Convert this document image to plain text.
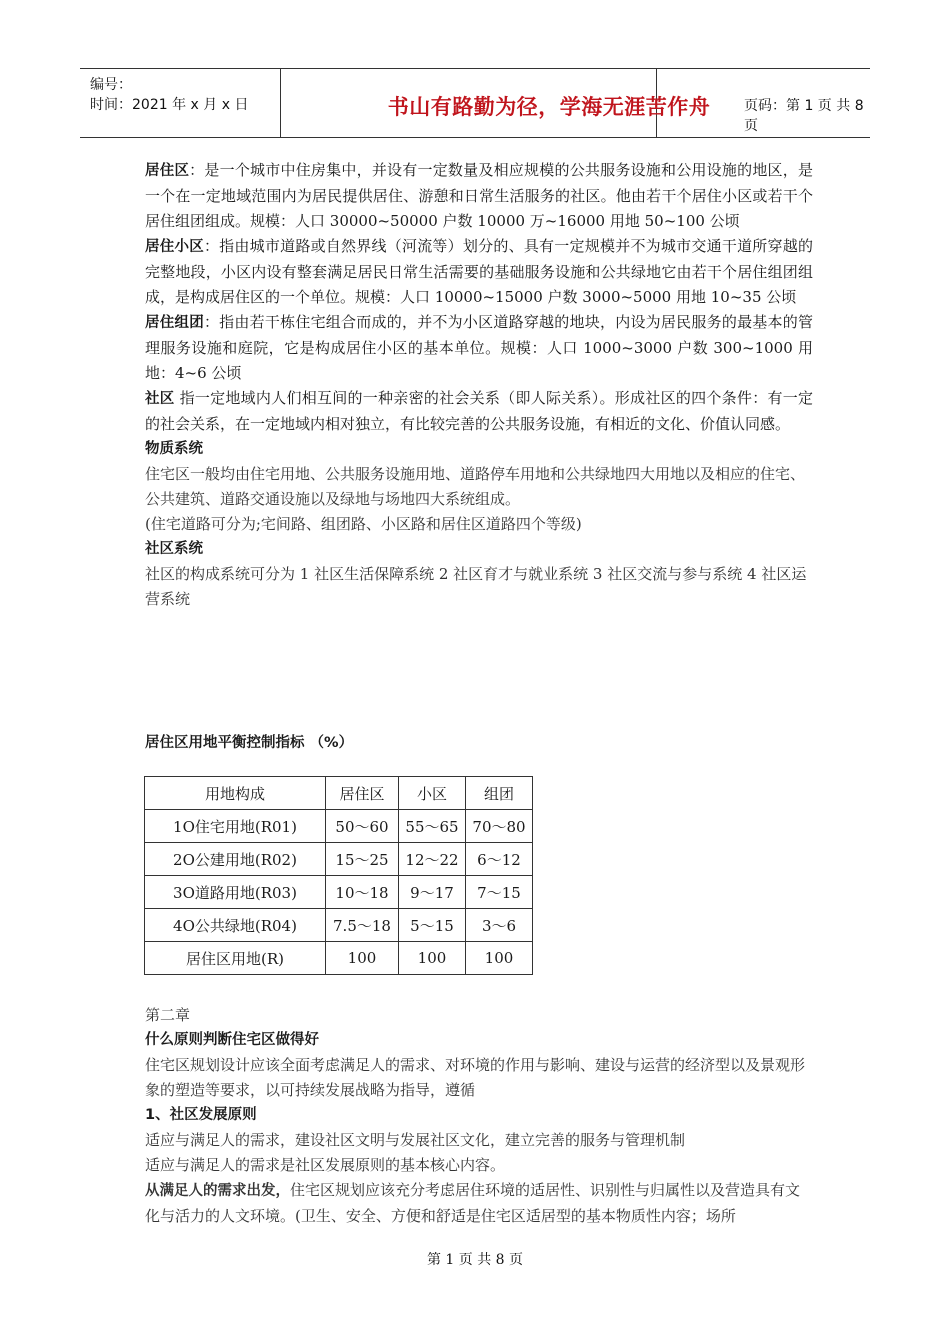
编号：
时间：2021 年 x 月 x 日	书山有路勤为径，学海无涯苦作舟	页码：第 1 页 共 8 页

居住区：是一个城市中住房集中，并设有一定数量及相应规模的公共服务设施和公用设施的地区，是一个在一定地域范围内为居民提供居住、游憩和日常生活服务的社区。他由若干个居住小区或若干个居住组团组成。规模：人口 30000~50000 户数 10000 万~16000 用地 50~100 公顷

居住小区：指由城市道路或自然界线（河流等）划分的、具有一定规模并不为城市交通干道所穿越的完整地段，小区内设有整套满足居民日常生活需要的基础服务设施和公共绿地它由若干个居住组团组成，是构成居住区的一个单位。规模：人口 10000~15000 户数 3000~5000 用地 10~35 公顷

居住组团：指由若干栋住宅组合而成的，并不为小区道路穿越的地块，内设为居民服务的最基本的管理服务设施和庭院，它是构成居住小区的基本单位。规模：人口 1000~3000 户数 300~1000 用地：4~6 公顷

社区 指一定地域内人们相互间的一种亲密的社会关系（即人际关系）。形成社区的四个条件：有一定的社会关系，在一定地域内相对独立，有比较完善的公共服务设施，有相近的文化、价值认同感。

物质系统

住宅区一般均由住宅用地、公共服务设施用地、道路停车用地和公共绿地四大用地以及相应的住宅、公共建筑、道路交通设施以及绿地与场地四大系统组成。

(住宅道路可分为;宅间路、组团路、小区路和居住区道路四个等级)

社区系统

社区的构成系统可分为 1 社区生活保障系统 2 社区育才与就业系统 3 社区交流与参与系统 4 社区运营系统

居住区用地平衡控制指标 （%）
用地构成	居住区	小区	组团
1O住宅用地(R01)	50～60	55～65	70～80
2O公建用地(R02)	15～25	12～22	6～12
3O道路用地(R03)	10～18	9～17	7～15
4O公共绿地(R04)	7.5～18	5～15	3～6
居住区用地(R)	100	100	100

第二章

什么原则判断住宅区做得好

住宅区规划设计应该全面考虑满足人的需求、对环境的作用与影响、建设与运营的经济型以及景观形象的塑造等要求，以可持续发展战略为指导，遵循

1、社区发展原则

适应与满足人的需求，建设社区文明与发展社区文化，建立完善的服务与管理机制

适应与满足人的需求是社区发展原则的基本核心内容。

从满足人的需求出发，住宅区规划应该充分考虑居住环境的适居性、识别性与归属性以及营造具有文化与活力的人文环境。(卫生、安全、方便和舒适是住宅区适居型的基本物质性内容；场所

第 1 页 共 8 页
